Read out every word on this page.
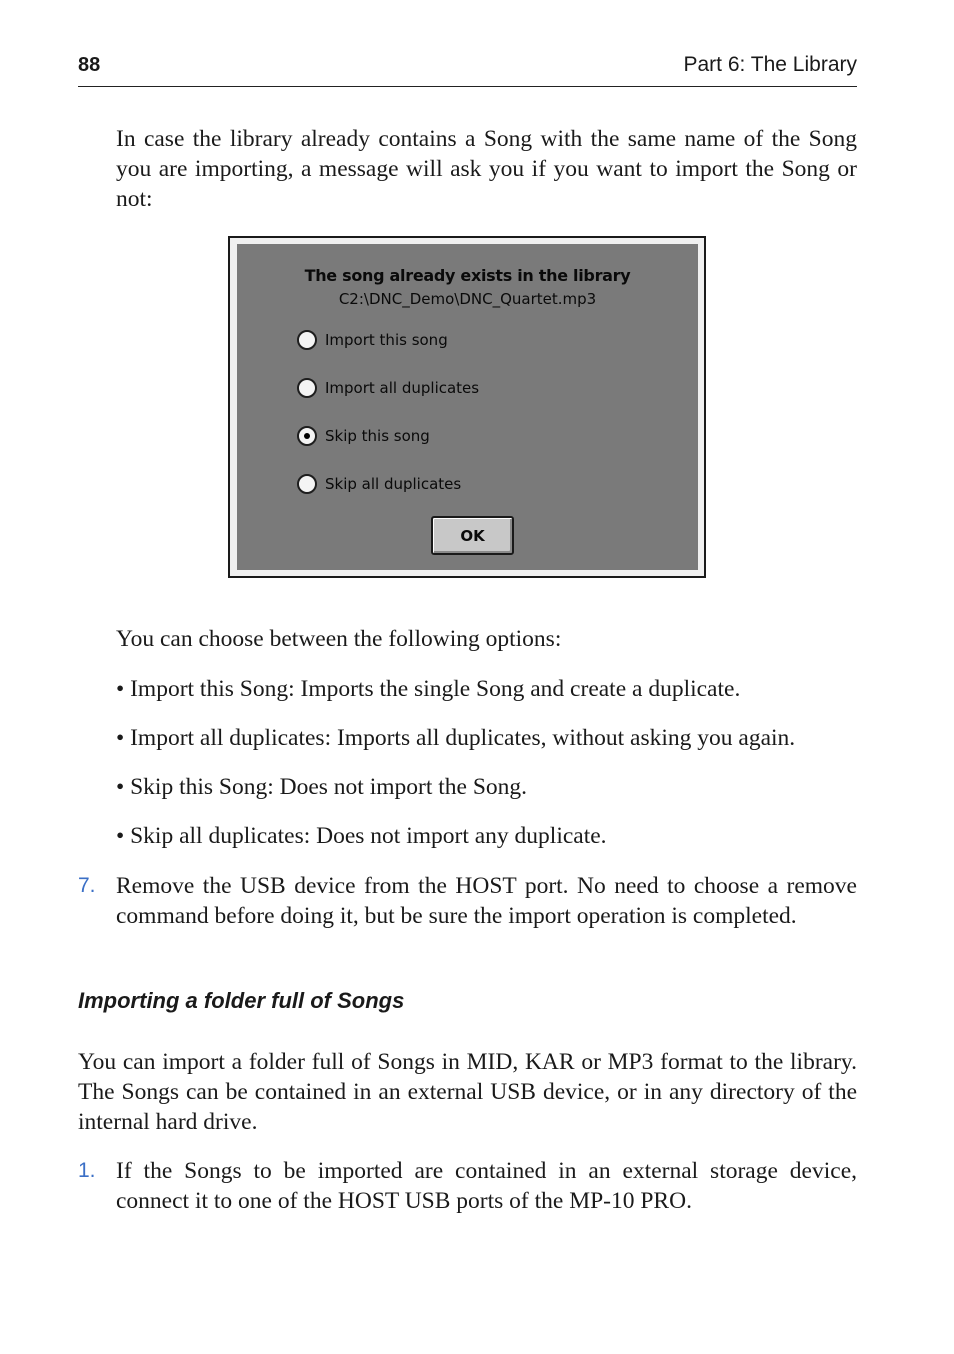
88	Part 6: The Library

In case the library already contains a Song with the same name of the Song you are importing, a message will ask you if you want to import the Song or not:

The song already exists in the library
C2:\DNC_Demo\DNC_Quartet.mp3
Import this song
Import all duplicates
Skip this song
Skip all duplicates
OK

You can choose between the following options:

• Import this Song: Imports the single Song and create a duplicate.

• Import all duplicates: Imports all duplicates, without asking you again.

• Skip this Song: Does not import the Song.

• Skip all duplicates: Does not import any duplicate.

7. Remove the USB device from the HOST port. No need to choose a remove command before doing it, but be sure the import operation is completed.

Importing a folder full of Songs

You can import a folder full of Songs in MID, KAR or MP3 format to the library. The Songs can be contained in an external USB device, or in any directory of the internal hard drive.

1. If the Songs to be imported are contained in an external storage device, connect it to one of the HOST USB ports of the MP-10 PRO.
